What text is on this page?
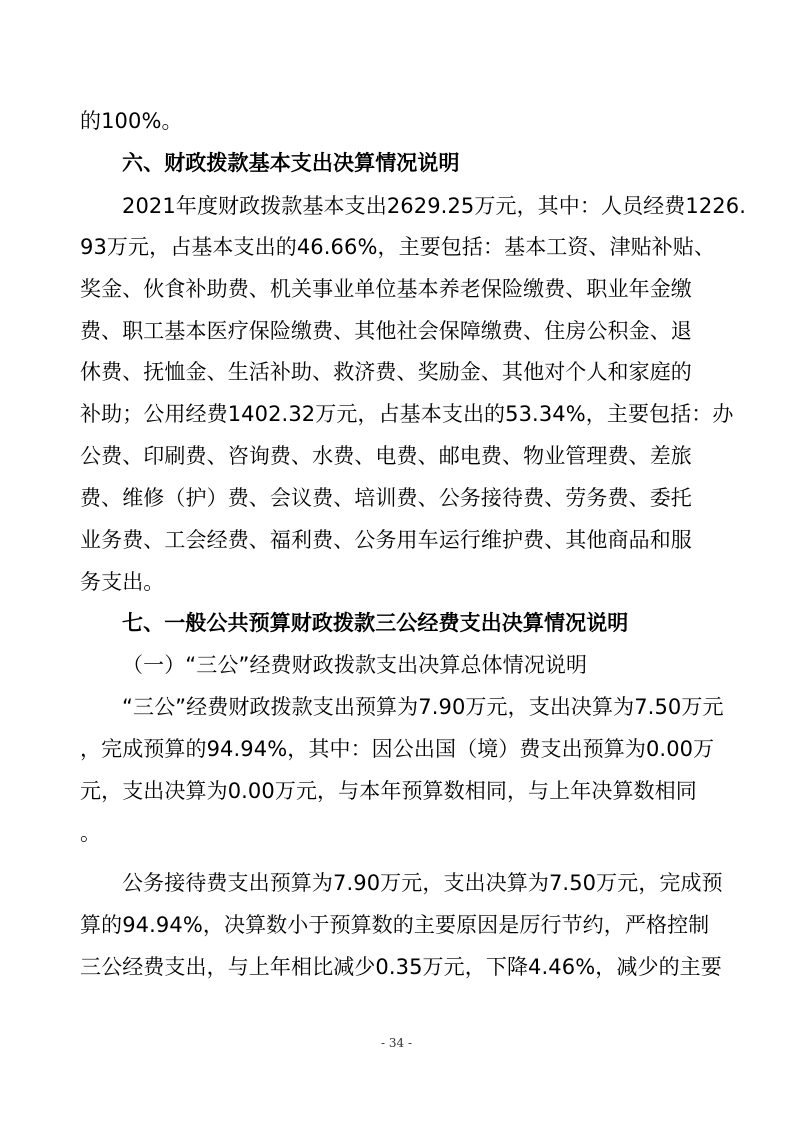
的100%。
六、财政拨款基本支出决算情况说明
2021年度财政拨款基本支出2629.25万元，其中：人员经费1226.
93万元，占基本支出的46.66%，主要包括：基本工资、津贴补贴、
奖金、伙食补助费、机关事业单位基本养老保险缴费、职业年金缴
费、职工基本医疗保险缴费、其他社会保障缴费、住房公积金、退
休费、抚恤金、生活补助、救济费、奖励金、其他对个人和家庭的
补助；公用经费1402.32万元，占基本支出的53.34%，主要包括：办
公费、印刷费、咨询费、水费、电费、邮电费、物业管理费、差旅
费、维修（护）费、会议费、培训费、公务接待费、劳务费、委托
业务费、工会经费、福利费、公务用车运行维护费、其他商品和服
务支出。
七、一般公共预算财政拨款三公经费支出决算情况说明
（一）“三公”经费财政拨款支出决算总体情况说明
“三公”经费财政拨款支出预算为7.90万元，支出决算为7.50万元
，完成预算的94.94%，其中：因公出国（境）费支出预算为0.00万
元，支出决算为0.00万元，与本年预算数相同，与上年决算数相同
。
公务接待费支出预算为7.90万元，支出决算为7.50万元，完成预
算的94.94%，决算数小于预算数的主要原因是厉行节约，严格控制
三公经费支出，与上年相比减少0.35万元，下降4.46%，减少的主要
- 34 -
